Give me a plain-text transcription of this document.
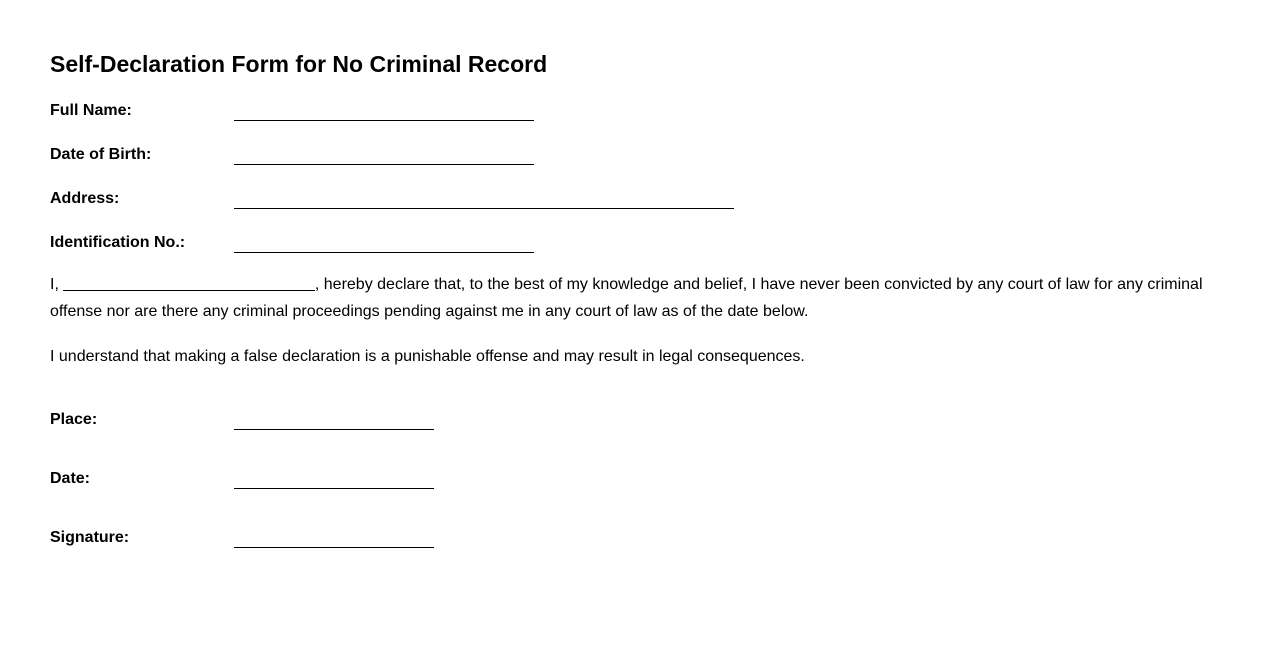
Self-Declaration Form for No Criminal Record
Full Name:
Date of Birth:
Address:
Identification No.:

I,	, hereby declare that, to the best of my knowledge and belief, I have never been convicted by any court of law for any criminal offense nor are there any criminal proceedings pending against me in any court of law as of the date below.

I understand that making a false declaration is a punishable offense and may result in legal consequences.

Place:
Date:
Signature:
